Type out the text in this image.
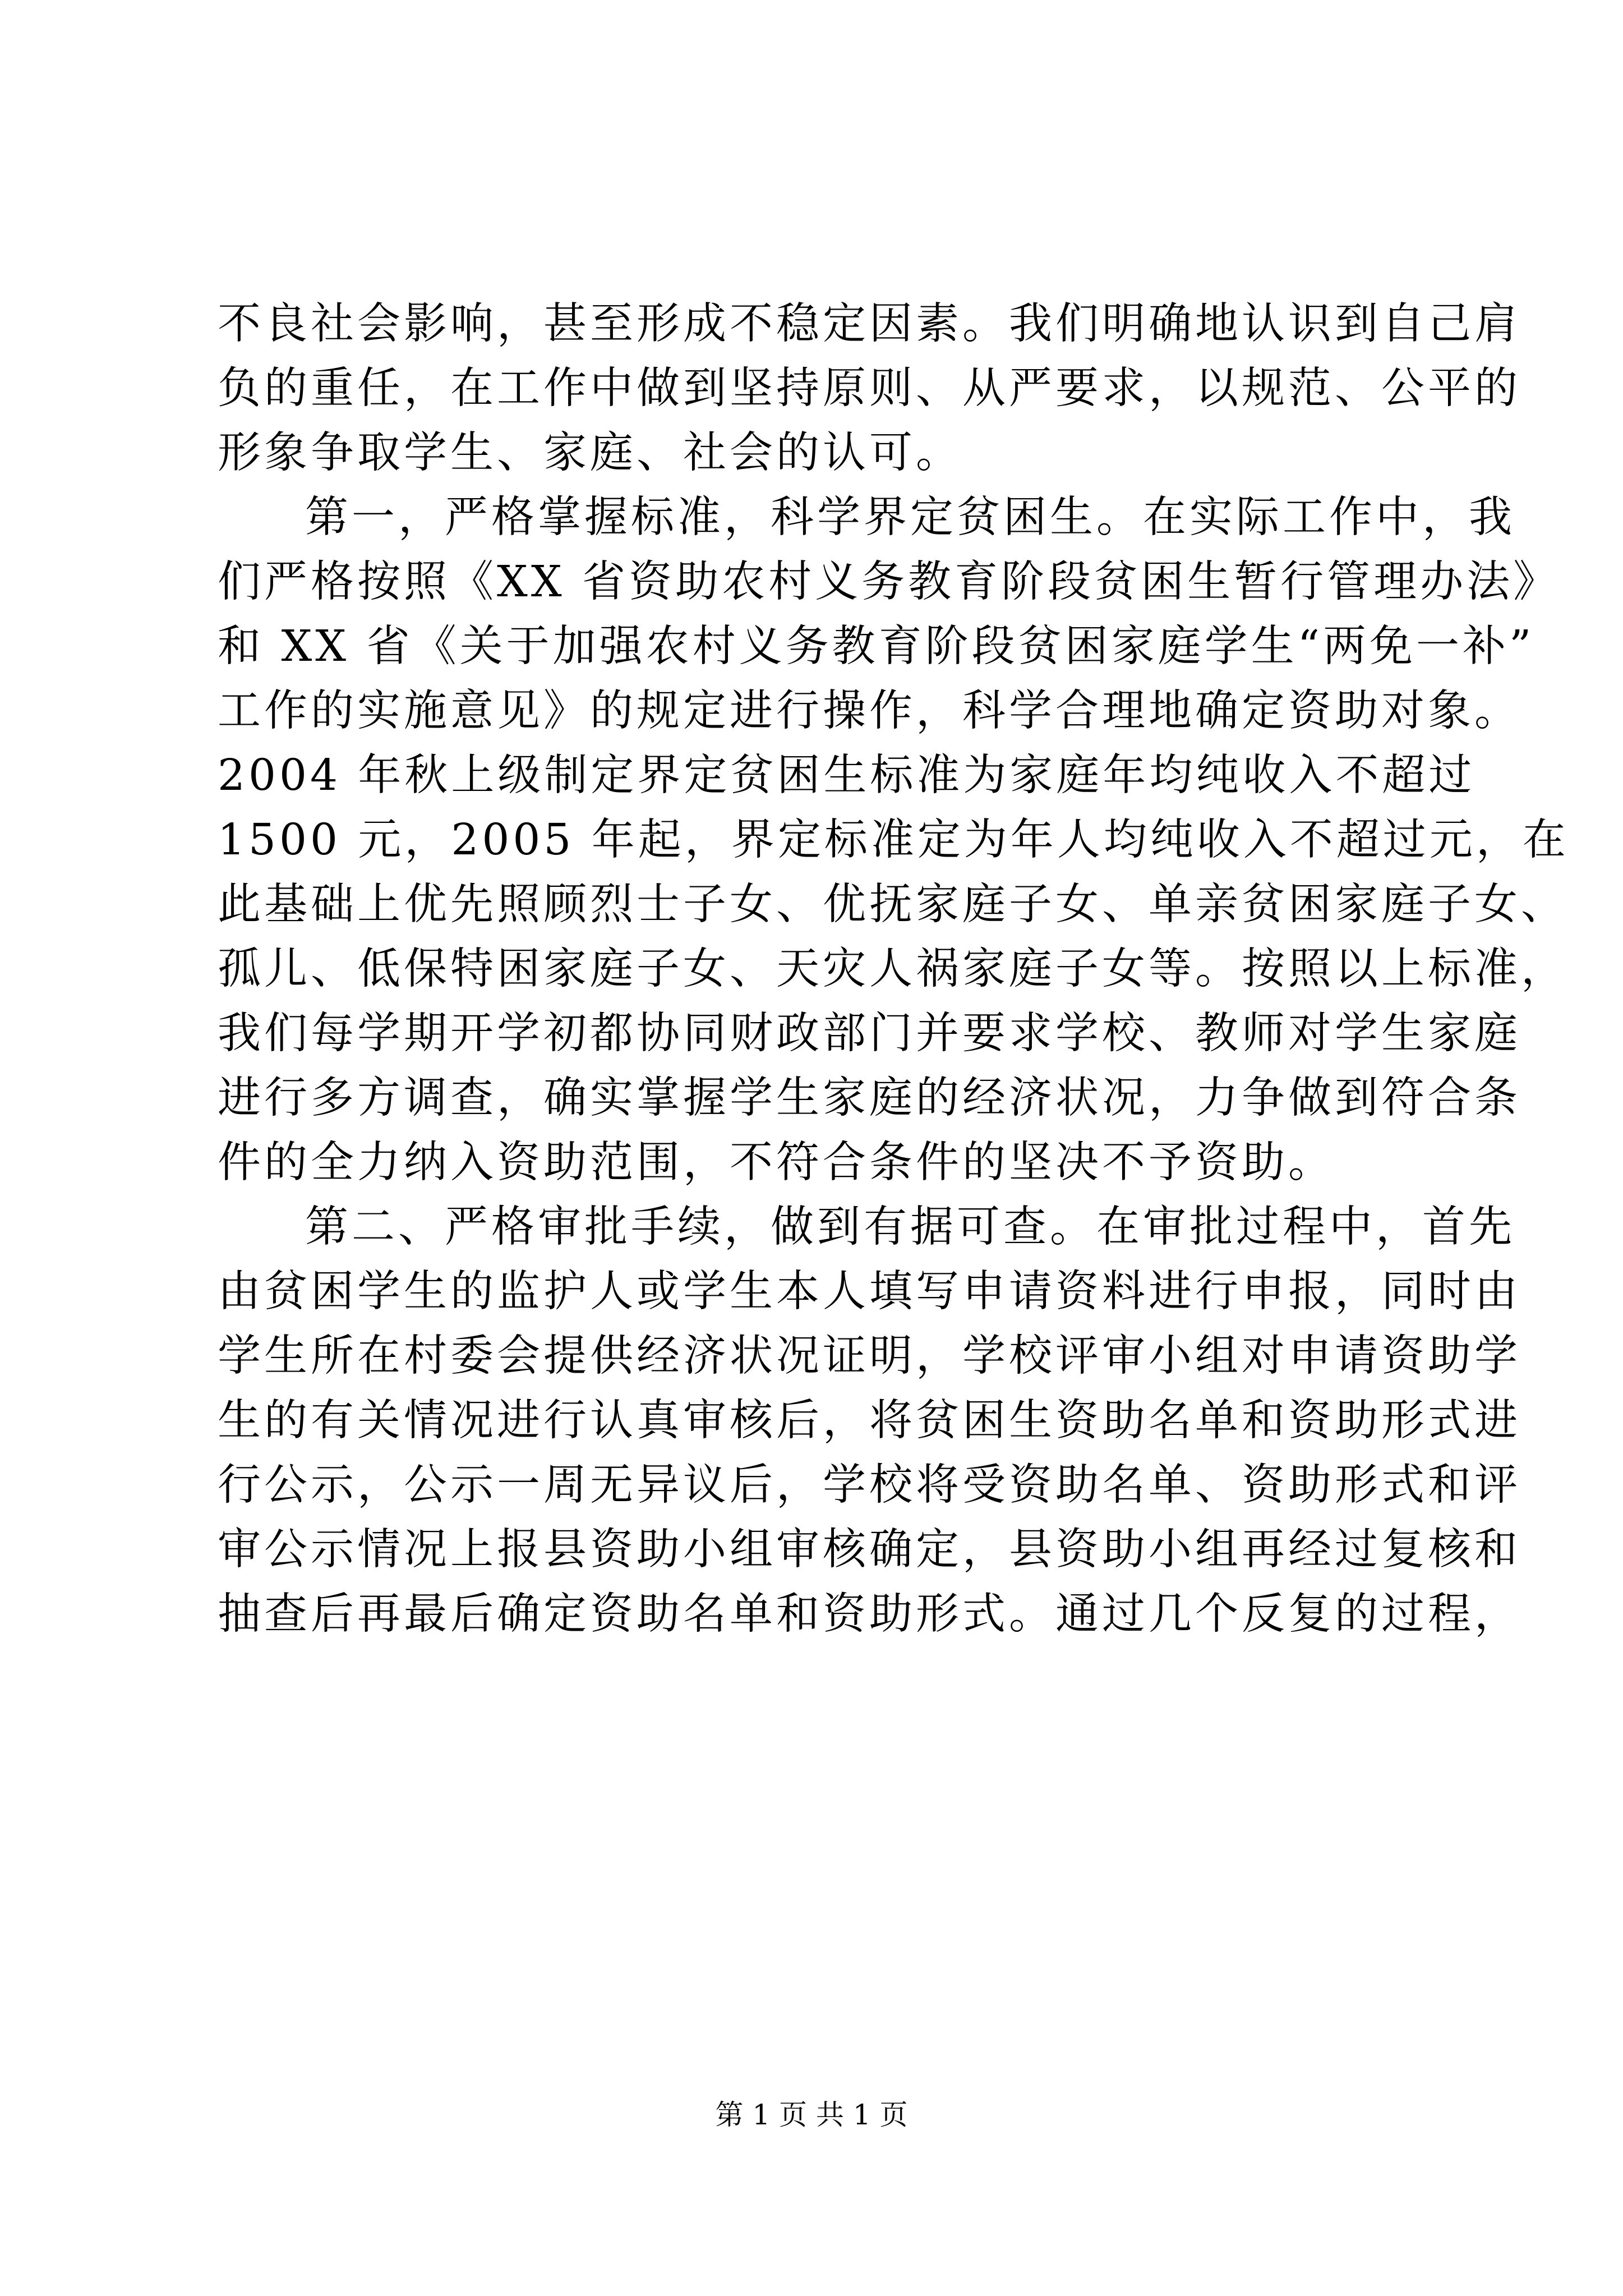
不良社会影响，甚至形成不稳定因素。我们明确地认识到自己肩

负的重任，在工作中做到坚持原则、从严要求，以规范、公平的

形象争取学生、家庭、社会的认可。

第一，严格掌握标准，科学界定贫困生。在实际工作中，我

们严格按照《XX 省资助农村义务教育阶段贫困生暂行管理办法》

和 XX 省《关于加强农村义务教育阶段贫困家庭学生“两免一补”

工作的实施意见》的规定进行操作，科学合理地确定资助对象。

2004 年秋上级制定界定贫困生标准为家庭年均纯收入不超过

1500 元，2005 年起，界定标准定为年人均纯收入不超过元，在

此基础上优先照顾烈士子女、优抚家庭子女、单亲贫困家庭子女、

孤儿、低保特困家庭子女、天灾人祸家庭子女等。按照以上标准，

我们每学期开学初都协同财政部门并要求学校、教师对学生家庭

进行多方调查，确实掌握学生家庭的经济状况，力争做到符合条

件的全力纳入资助范围，不符合条件的坚决不予资助。

第二、严格审批手续，做到有据可查。在审批过程中，首先

由贫困学生的监护人或学生本人填写申请资料进行申报，同时由

学生所在村委会提供经济状况证明，学校评审小组对申请资助学

生的有关情况进行认真审核后，将贫困生资助名单和资助形式进

行公示，公示一周无异议后，学校将受资助名单、资助形式和评

审公示情况上报县资助小组审核确定，县资助小组再经过复核和

抽查后再最后确定资助名单和资助形式。通过几个反复的过程，

第 1 页 共 1 页
